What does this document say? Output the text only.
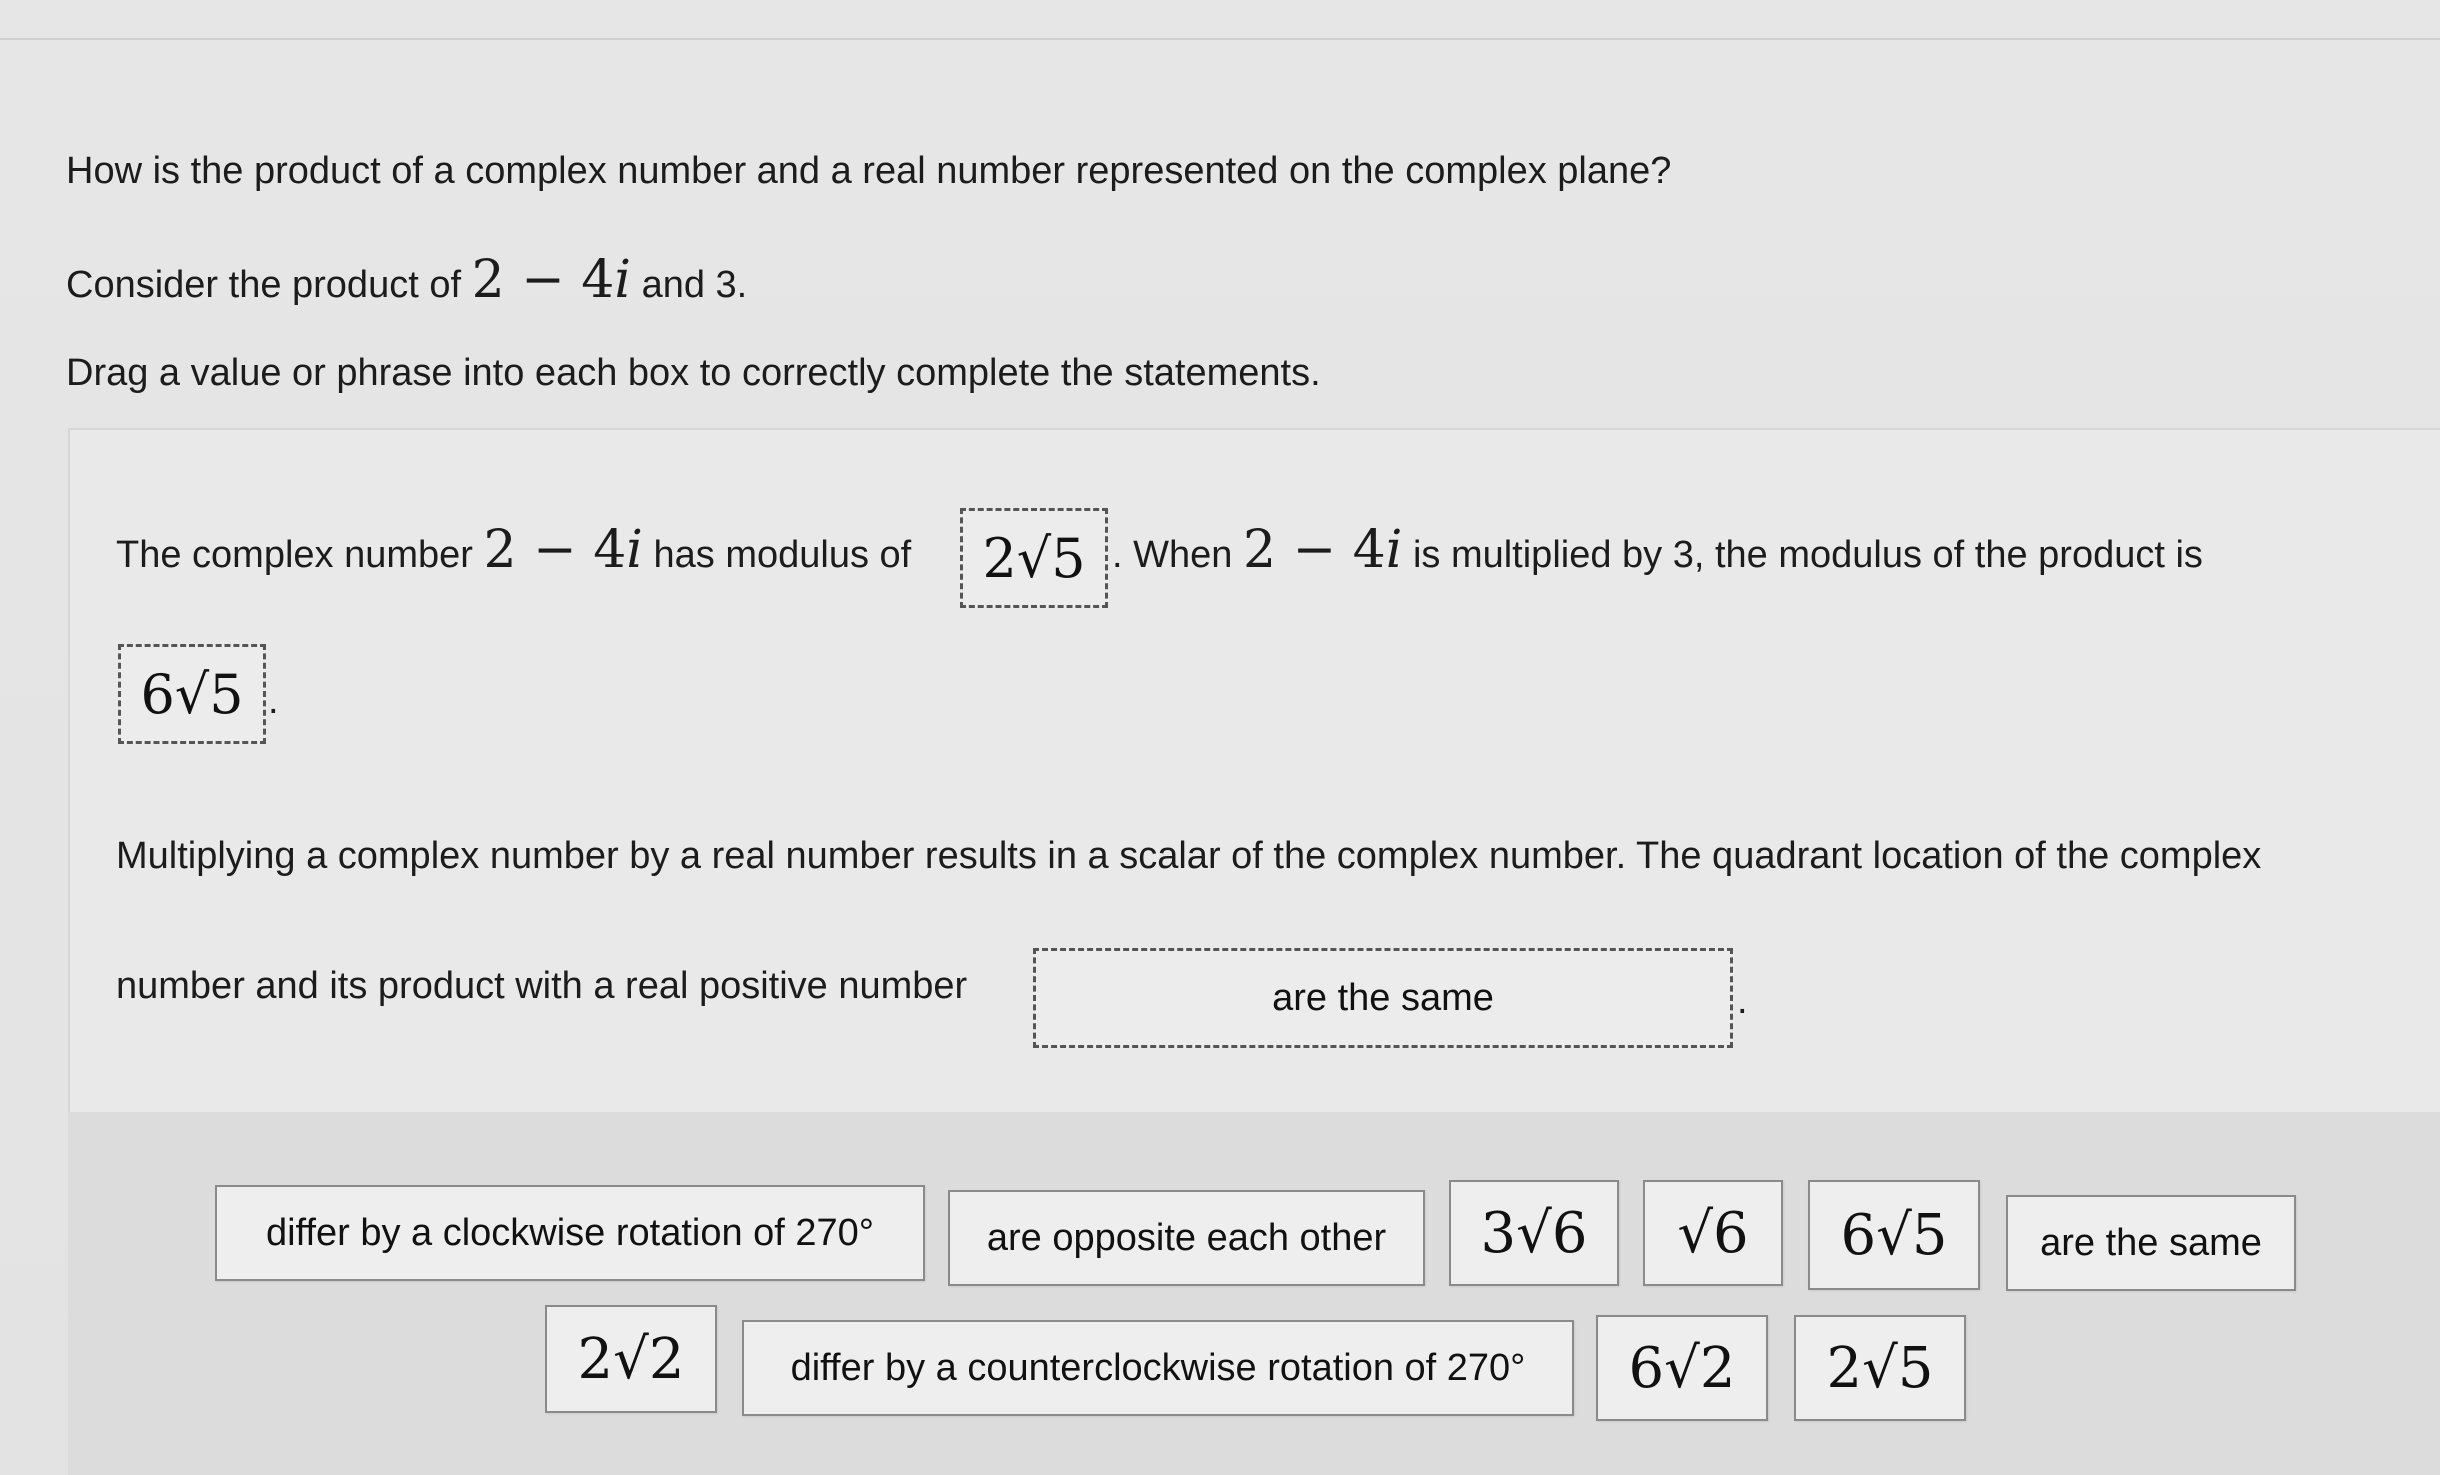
How is the product of a complex number and a real number represented on the complex plane?
Consider the product of 2 − 4𝑖 and 3.
Drag a value or phrase into each box to correctly complete the statements.
The complex number 2 − 4𝑖 has modulus of	2√5 . When 2 − 4𝑖 is multiplied by 3, the modulus of the product is
6√5 .
Multiplying a complex number by a real number results in a scalar of the complex number. The quadrant location of the complex
number and its product with a real positive number	are the same	.
differ by a clockwise rotation of 270°	are opposite each other	3√6	√6	6√5	are the same
2√2	differ by a counterclockwise rotation of 270°	6√2	2√5
